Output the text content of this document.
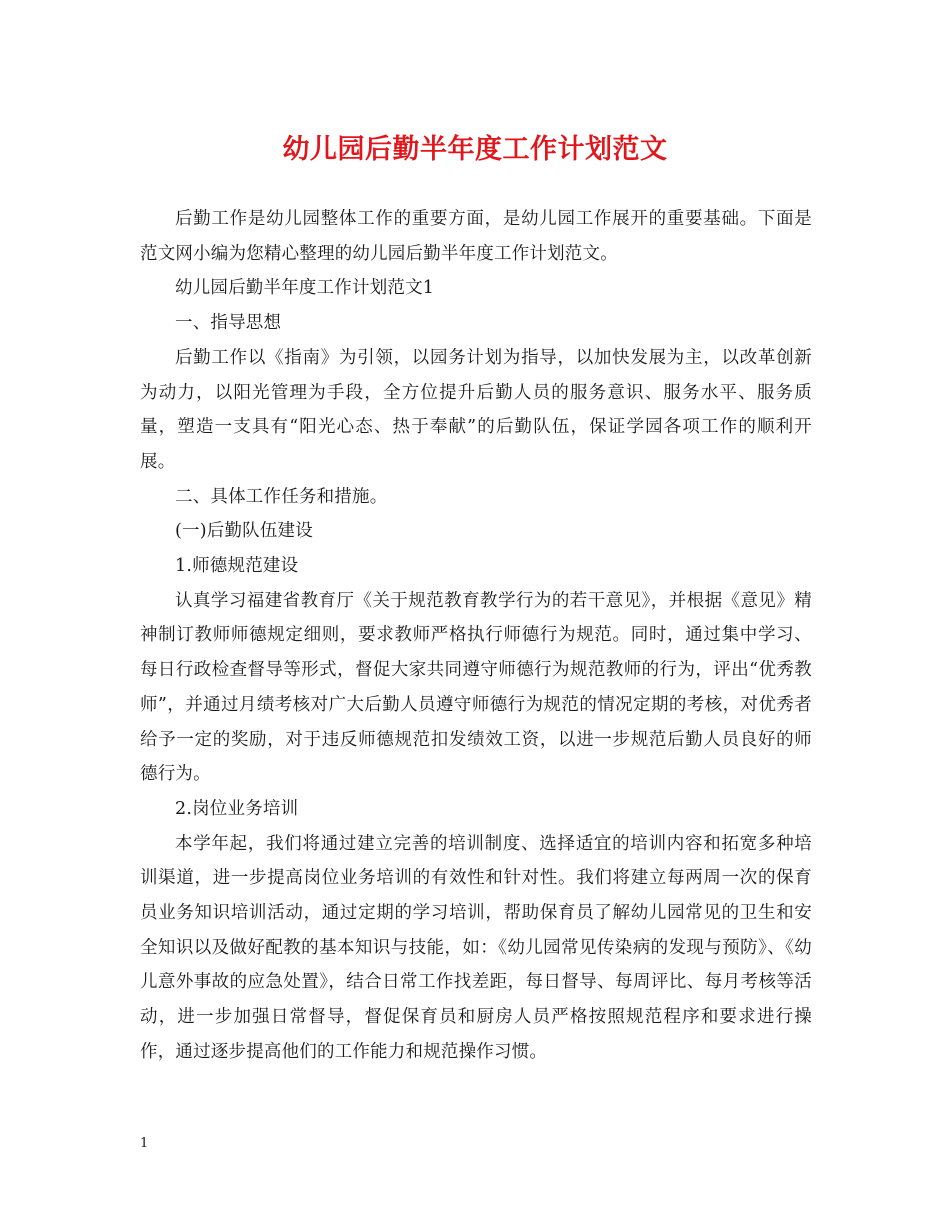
幼儿园后勤半年度工作计划范文

后勤工作是幼儿园整体工作的重要方面，是幼儿园工作展开的重要基础。下面是范文网小编为您精心整理的幼儿园后勤半年度工作计划范文。

幼儿园后勤半年度工作计划范文1

一、指导思想

后勤工作以《指南》为引领，以园务计划为指导，以加快发展为主，以改革创新为动力，以阳光管理为手段，全方位提升后勤人员的服务意识、服务水平、服务质量，塑造一支具有“阳光心态、热于奉献”的后勤队伍，保证学园各项工作的顺利开展。

二、具体工作任务和措施。

(一)后勤队伍建设

1.师德规范建设

认真学习福建省教育厅《关于规范教育教学行为的若干意见》，并根据《意见》精神制订教师师德规定细则，要求教师严格执行师德行为规范。同时，通过集中学习、每日行政检查督导等形式，督促大家共同遵守师德行为规范教师的行为，评出“优秀教师”，并通过月绩考核对广大后勤人员遵守师德行为规范的情况定期的考核，对优秀者给予一定的奖励，对于违反师德规范扣发绩效工资，以进一步规范后勤人员良好的师德行为。

2.岗位业务培训

本学年起，我们将通过建立完善的培训制度、选择适宜的培训内容和拓宽多种培训渠道，进一步提高岗位业务培训的有效性和针对性。我们将建立每两周一次的保育员业务知识培训活动，通过定期的学习培训，帮助保育员了解幼儿园常见的卫生和安全知识以及做好配教的基本知识与技能，如：《幼儿园常见传染病的发现与预防》、《幼儿意外事故的应急处置》，结合日常工作找差距，每日督导、每周评比、每月考核等活动，进一步加强日常督导，督促保育员和厨房人员严格按照规范程序和要求进行操作，通过逐步提高他们的工作能力和规范操作习惯。

1
